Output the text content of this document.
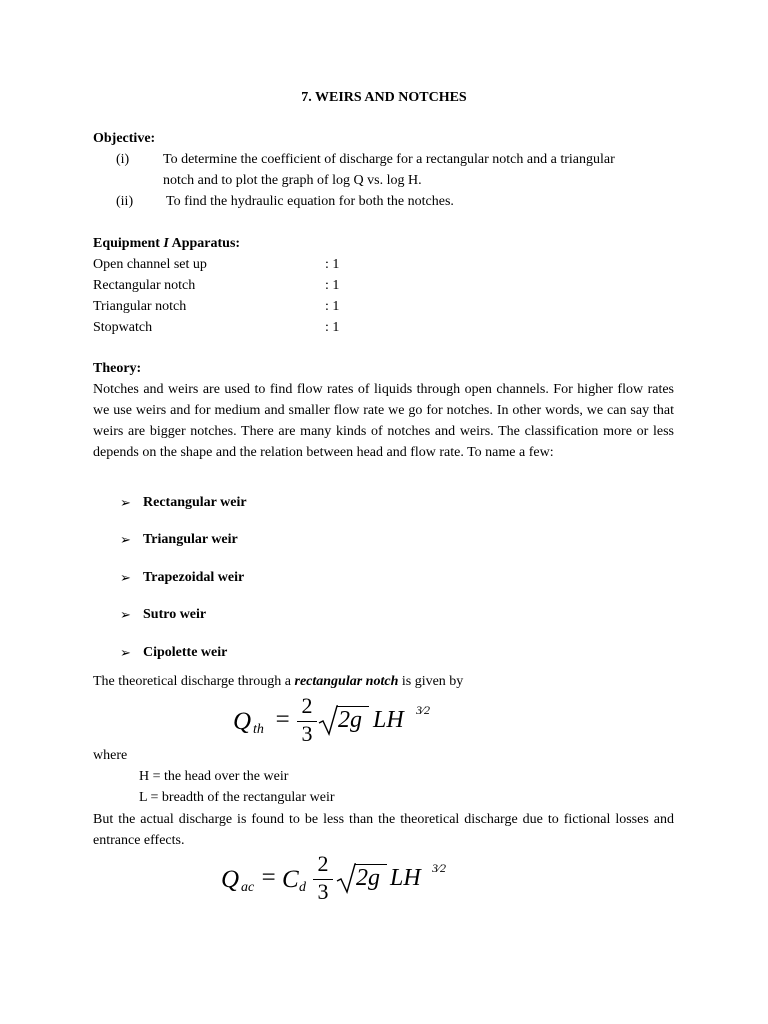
7. WEIRS AND NOTCHES
Objective:
(i) To determine the coefficient of discharge for a rectangular notch and a triangular
notch and to plot the graph of log Q vs. log H.
(ii) To find the hydraulic equation for both the notches.
Equipment I Apparatus:
Open channel set up	: 1
Rectangular notch	: 1
Triangular notch	: 1
Stopwatch	: 1
Theory:
Notches and weirs are used to find flow rates of liquids through open channels. For higher flow rates we use weirs and for medium and smaller flow rate we go for notches. In other words, we can say that weirs are bigger notches. There are many kinds of notches and weirs. The classification more or less depends on the shape and the relation between head and flow rate. To name a few:
➢ Rectangular weir
➢ Triangular weir
➢ Trapezoidal weir
➢ Sutro weir
➢ Cipolette weir
The theoretical discharge through a rectangular notch is given by
Q th =
2
3
2g LH 3⁄2
where
H = the head over the weir
L = breadth of the rectangular weir
But the actual discharge is found to be less than the theoretical discharge due to fictional losses and entrance effects.
Q ac = C d
2
3
2g LH 3⁄2
